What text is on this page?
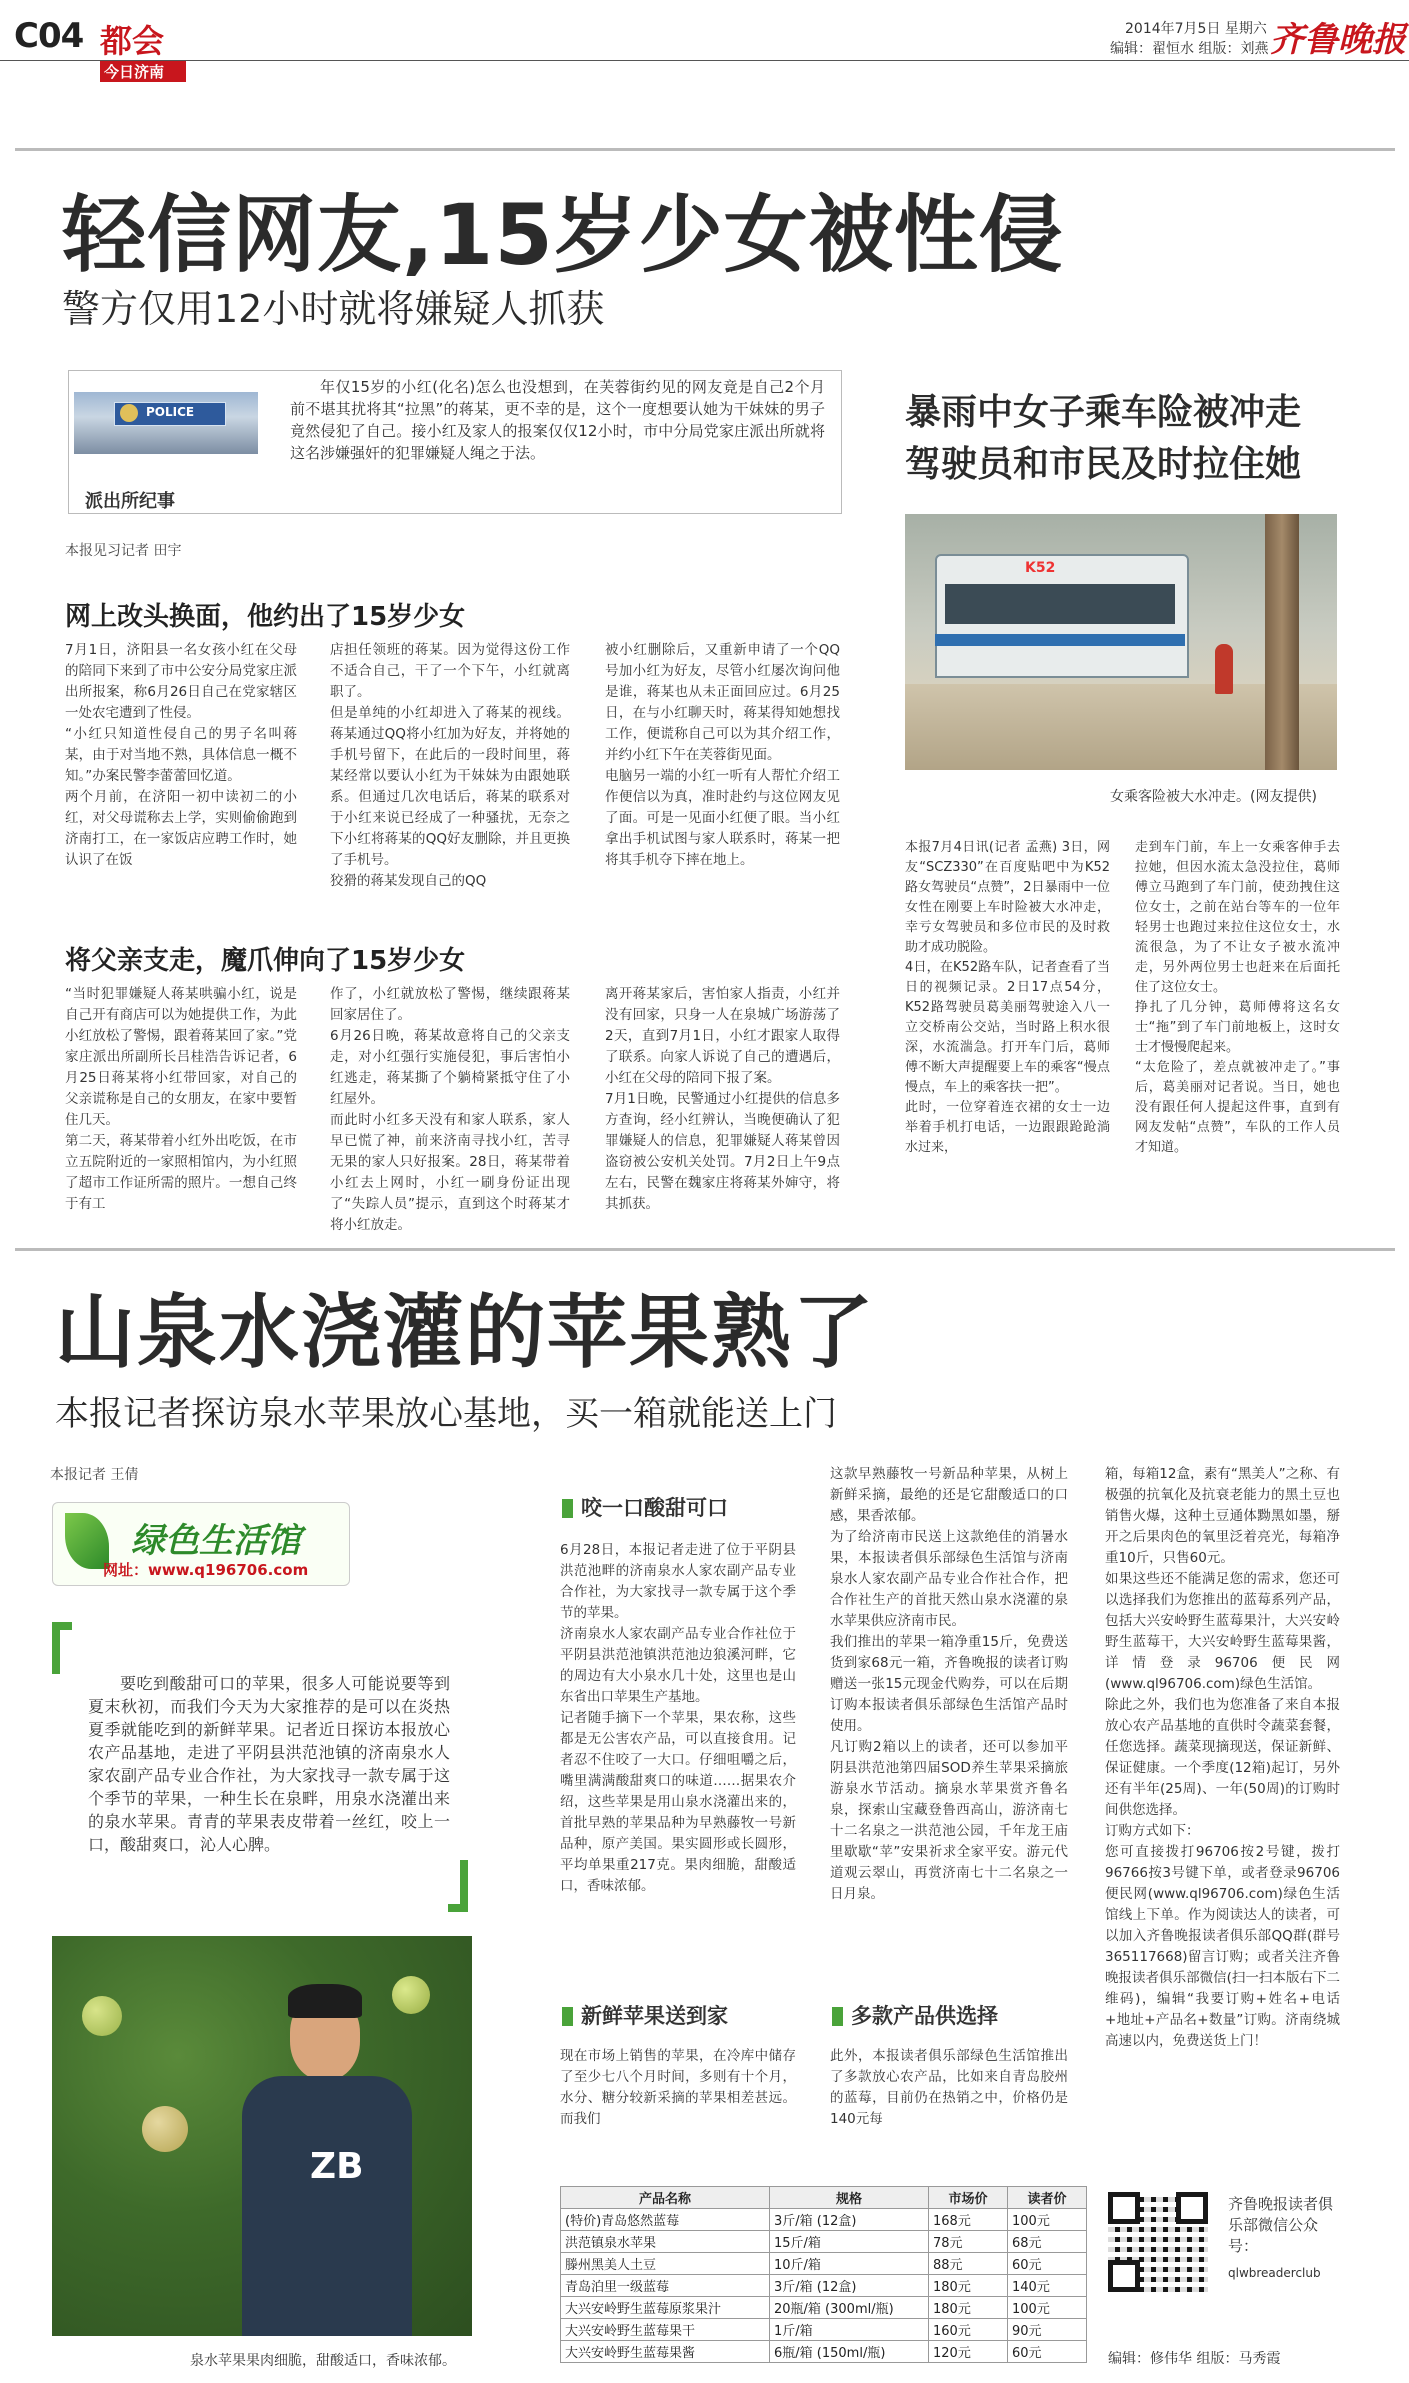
C04 都会
今日济南
2014年7月5日 星期六
编辑：翟恒水 组版：刘燕 齐鲁晚报
轻信网友,15岁少女被性侵
警方仅用12小时就将嫌疑人抓获
POLICE
派出所纪事
年仅15岁的小红(化名)怎么也没想到，在芙蓉街约见的网友竟是自己2个月前不堪其扰将其“拉黑”的蒋某，更不幸的是，这个一度想要认她为干妹妹的男子竟然侵犯了自己。接小红及家人的报案仅仅12小时，市中分局党家庄派出所就将这名涉嫌强奸的犯罪嫌疑人绳之于法。
本报见习记者 田宇
网上改头换面，他约出了15岁少女
7月1日，济阳县一名女孩小红在父母的陪同下来到了市中公安分局党家庄派出所报案，称6月26日自己在党家辖区一处农宅遭到了性侵。
“小红只知道性侵自己的男子名叫蒋某，由于对当地不熟，具体信息一概不知。”办案民警李蕾蕾回忆道。
两个月前，在济阳一初中读初二的小红，对父母谎称去上学，实则偷偷跑到济南打工，在一家饭店应聘工作时，她认识了在饭
店担任领班的蒋某。因为觉得这份工作不适合自己，干了一个下午，小红就离职了。
但是单纯的小红却进入了蒋某的视线。蒋某通过QQ将小红加为好友，并将她的手机号留下，在此后的一段时间里，蒋某经常以要认小红为干妹妹为由跟她联系。但通过几次电话后，蒋某的联系对于小红来说已经成了一种骚扰，无奈之下小红将蒋某的QQ好友删除，并且更换了手机号。
狡猾的蒋某发现自己的QQ
被小红删除后，又重新申请了一个QQ号加小红为好友，尽管小红屡次询问他是谁，蒋某也从未正面回应过。6月25日，在与小红聊天时，蒋某得知她想找工作，便谎称自己可以为其介绍工作，并约小红下午在芙蓉街见面。
电脑另一端的小红一听有人帮忙介绍工作便信以为真，准时赴约与这位网友见了面。可是一见面小红便了眼。当小红拿出手机试图与家人联系时，蒋某一把将其手机夺下摔在地上。
将父亲支走，魔爪伸向了15岁少女
“当时犯罪嫌疑人蒋某哄骗小红，说是自己开有商店可以为她提供工作，为此小红放松了警惕，跟着蒋某回了家。”党家庄派出所副所长吕桂浩告诉记者，6月25日蒋某将小红带回家，对自己的父亲谎称是自己的女朋友，在家中要暂住几天。
第二天，蒋某带着小红外出吃饭，在市立五院附近的一家照相馆内，为小红照了超市工作证所需的照片。一想自己终于有工
作了，小红就放松了警惕，继续跟蒋某回家居住了。
6月26日晚，蒋某故意将自己的父亲支走，对小红强行实施侵犯，事后害怕小红逃走，蒋某撕了个躺椅紧抵守住了小红屋外。
而此时小红多天没有和家人联系，家人早已慌了神，前来济南寻找小红，苦寻无果的家人只好报案。28日，蒋某带着小红去上网时，小红一刷身份证出现了“失踪人员”提示，直到这个时蒋某才将小红放走。
离开蒋某家后，害怕家人指责，小红并没有回家，只身一人在泉城广场游荡了2天，直到7月1日，小红才跟家人取得了联系。向家人诉说了自己的遭遇后，小红在父母的陪同下报了案。
7月1日晚，民警通过小红提供的信息多方查询，经小红辨认，当晚便确认了犯罪嫌疑人的信息，犯罪嫌疑人蒋某曾因盗窃被公安机关处罚。7月2日上午9点左右，民警在魏家庄将蒋某外婶守，将其抓获。
暴雨中女子乘车险被冲走
驾驶员和市民及时拉住她
K52
女乘客险被大水冲走。(网友提供)
本报7月4日讯(记者 孟燕) 3日，网友“SCZ330”在百度贴吧中为K52路女驾驶员“点赞”，2日暴雨中一位女性在刚要上车时险被大水冲走，幸亏女驾驶员和多位市民的及时救助才成功脱险。
4日，在K52路车队，记者查看了当日的视频记录。2日17点54分，K52路驾驶员葛美丽驾驶途入八一立交桥南公交站，当时路上积水很深，水流湍急。打开车门后，葛师傅不断大声提醒要上车的乘客“慢点慢点，车上的乘客扶一把”。
此时，一位穿着连衣裙的女士一边举着手机打电话，一边跟跟跄跄淌水过来，
走到车门前，车上一女乘客伸手去拉她，但因水流太急没拉住，葛师傅立马跑到了车门前，使劲拽住这位女士，之前在站台等车的一位年轻男士也跑过来拉住这位女士，水流很急，为了不让女子被水流冲走，另外两位男士也赶来在后面托住了这位女士。
挣扎了几分钟，葛师傅将这名女士“拖”到了车门前地板上，这时女士才慢慢爬起来。
“太危险了，差点就被冲走了。”事后，葛美丽对记者说。当日，她也没有跟任何人提起这件事，直到有网友发帖“点赞”，车队的工作人员才知道。
山泉水浇灌的苹果熟了
本报记者探访泉水苹果放心基地，买一箱就能送上门
本报记者 王倩
绿色生活馆
网址：www.q196706.com
要吃到酸甜可口的苹果，很多人可能说要等到夏末秋初，而我们今天为大家推荐的是可以在炎热夏季就能吃到的新鲜苹果。记者近日探访本报放心农产品基地，走进了平阴县洪范池镇的济南泉水人家农副产品专业合作社，为大家找寻一款专属于这个季节的苹果，一种生长在泉畔，用泉水浇灌出来的泉水苹果。青青的苹果表皮带着一丝红，咬上一口，酸甜爽口，沁人心脾。
ZB
泉水苹果果肉细脆，甜酸适口，香味浓郁。
咬一口酸甜可口
6月28日，本报记者走进了位于平阴县洪范池畔的济南泉水人家农副产品专业合作社，为大家找寻一款专属于这个季节的苹果。
济南泉水人家农副产品专业合作社位于平阴县洪范池镇洪范池边狼溪河畔，它的周边有大小泉水几十处，这里也是山东省出口苹果生产基地。
记者随手摘下一个苹果，果农称，这些都是无公害农产品，可以直接食用。记者忍不住咬了一大口。仔细咀嚼之后，嘴里满满酸甜爽口的味道……据果农介绍，这些苹果是用山泉水浇灌出来的，首批早熟的苹果品种为早熟藤牧一号新品种，原产美国。果实圆形或长圆形，平均单果重217克。果肉细脆，甜酸适口，香味浓郁。
新鲜苹果送到家
现在市场上销售的苹果，在冷库中储存了至少七八个月时间，多则有十个月，水分、糖分较新采摘的苹果相差甚远。而我们
这款早熟藤牧一号新品种苹果，从树上新鲜采摘，最绝的还是它甜酸适口的口感，果香浓郁。
为了给济南市民送上这款绝佳的消暑水果，本报读者俱乐部绿色生活馆与济南泉水人家农副产品专业合作社合作，把合作社生产的首批天然山泉水浇灌的泉水苹果供应济南市民。
我们推出的苹果一箱净重15斤，免费送货到家68元一箱，齐鲁晚报的读者订购赠送一张15元现金代购券，可以在后期订购本报读者俱乐部绿色生活馆产品时使用。
凡订购2箱以上的读者，还可以参加平阴县洪范池第四届SOD养生苹果采摘旅游泉水节活动。摘泉水苹果赏齐鲁名泉，探索山宝藏登鲁西高山，游济南七十二名泉之一洪范池公园，千年龙王庙里歇歇“苹”安果祈求全家平安。游元代道观云翠山，再赏济南七十二名泉之一日月泉。
多款产品供选择
此外，本报读者俱乐部绿色生活馆推出了多款放心农产品，比如来自青岛胶州的蓝莓，目前仍在热销之中，价格仍是140元每
箱，每箱12盒，素有“黑美人”之称、有极强的抗氧化及抗衰老能力的黑土豆也销售火爆，这种土豆通体黝黑如墨，掰开之后果肉色的氧里泛着亮光，每箱净重10斤，只售60元。
如果这些还不能满足您的需求，您还可以选择我们为您推出的蓝莓系列产品，包括大兴安岭野生蓝莓果汁，大兴安岭野生蓝莓干，大兴安岭野生蓝莓果酱，详情登录96706便民网(www.ql96706.com)绿色生活馆。
除此之外，我们也为您准备了来自本报放心农产品基地的直供时令蔬菜套餐，任您选择。蔬菜现摘现送，保证新鲜、保证健康。一个季度(12箱)起订，另外还有半年(25周)、一年(50周)的订购时间供您选择。
订购方式如下：
您可直接拨打96706按2号键，拨打96766按3号键下单，或者登录96706便民网(www.ql96706.com)绿色生活馆线上下单。作为阅读达人的读者，可以加入齐鲁晚报读者俱乐部QQ群(群号365117668)留言订购；或者关注齐鲁晚报读者俱乐部微信(扫一扫本版右下二维码)，编辑“我要订购+姓名+电话+地址+产品名+数量”订购。济南绕城高速以内，免费送货上门！
产品名称	规格	市场价	读者价
(特价)青岛悠然蓝莓	3斤/箱 (12盒)	168元	100元
洪范镇泉水苹果	15斤/箱	78元	68元
滕州黑美人土豆	10斤/箱	88元	60元
青岛泊里一级蓝莓	3斤/箱 (12盒)	180元	140元
大兴安岭野生蓝莓原浆果汁	20瓶/箱 (300ml/瓶)	180元	100元
大兴安岭野生蓝莓果干	1斤/箱	160元	90元
大兴安岭野生蓝莓果酱	6瓶/箱 (150ml/瓶)	120元	60元
齐鲁晚报读者俱乐部微信公众号：
qlwbreaderclub
编辑：修伟华 组版：马秀霞
